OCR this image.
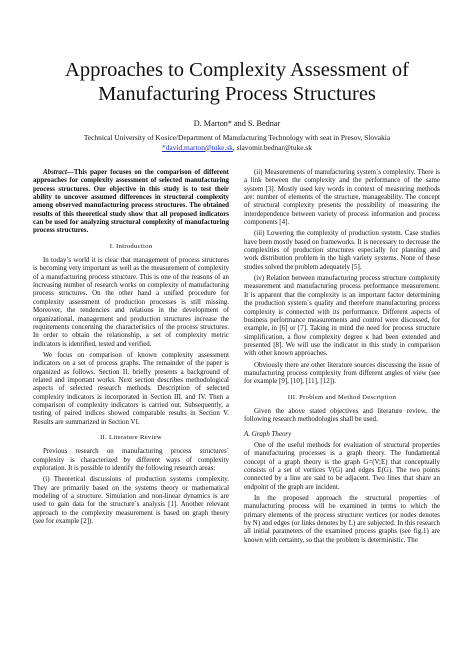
Approaches to Complexity Assessment of Manufacturing Process Structures
D. Marton* and S. Bednar
Technical University of Kosice/Department of Manufacturing Technology with seat in Presov, Slovakia
*david.marton@tuke.sk, slavomir.bednar@tuke.sk

Abstract—This paper focuses on the comparison of different approaches for complexity assessment of selected manufacturing process structures. Our objective in this study is to test their ability to uncover assumed differences in structural complexity among observed manufacturing process structures. The obtained results of this theoretical study show that all proposed indicators can be used for analyzing structural complexity of manufacturing process structures.

I. Introduction

In today’s world it is clear that management of process structures is becoming very important as well as the measurement of complexity of a manufacturing process structure. This is one of the reasons of an increasing number of research works on complexity of manufacturing process structures. On the other hand a unified procedure for complexity assessment of production processes is still missing. Moreover, the tendencies and relations in the development of organizational, management and production structures increase the requirements concerning the characteristics of the process structures. In order to obtain the relationship, a set of complexity metric indicators is identified, tested and verified.

We focus on comparison of known complexity assessment indicators on a set of process graphs. The remainder of the paper is organized as follows. Section II. briefly presents a background of related and important works. Next section describes methodological aspects of selected research methods. Description of selected complexity indicators is incorporated in Section III. and IV. Then a comparison of complexity indicators is carried out. Subsequently, a testing of paired indices showed comparable results in Section V. Results are summarized in Section VI.

II. Literature Review

Previous research on manufacturing process structures` complexity is characterized by different ways of complexity exploration. It is possible to identify the following research areas:

(i) Theoretical discussions of production systems complexity. They are primarily based on the systems theory or mathematical modeling of a structure. Simulation and non-linear dynamics is are used to gain data for the structure`s analysis [1]. Another relevant approach to the complexity measurement is based on graph theory (see for example [2]).

(ii) Measurements of manufacturing system`s complexity. There is a link between the complexity and the performance of the same system [3]. Mostly used key words in context of measuring methods are: number of elements of the structure, manageability. The concept of structural complexity presents the possibility of measuring the interdependence between variety of process information and process components [4].

(iii) Lowering the complexity of production system. Case studies have been mostly based on frameworks. It is necessary to decrease the complexities of production structures especially for planning and work distribution problem in the high variety systems. None of these studies solved the problem adequately [5].

(iv) Relation between manufacturing process structure complexity measurement and manufacturing process performance measurement. It is apparent that the complexity is an important factor determining the production system`s quality and therefore manufacturing process complexity is connected with its performance. Different aspects of business performance measurements and control were discussed, for example, in [6] or [7]. Taking in mind the need for process structure simplification, a flow complexity degree κ had been extended and presented [8]. We will use the indicator in this study in comparison with other known approaches.

Obviously there are other literature sources discussing the issue of manufacturing process complexity from different angles of view (see for example [9], [10], [11], [12]).

III. Problem and Method Description

Given the above stated objectives and literature review, the following research methodologies shall be used.

A. Graph Theory

One of the useful methods for evaluation of structural properties of manufacturing processes is a graph theory. The fundamental concept of a graph theory is the graph G=(V;E) that conceptually consists of a set of vertices V(G) and edges E(G). The two points connected by a line are said to be adjacent. Two lines that share an endpoint of the graph are incident.

In the proposed approach the structural properties of manufacturing process will be examined in terms to which the primary elements of the process structure: vertices (or nodes denotes by N) and edges (or links denotes by L) are subjected. In this research all initial parameters of the examined process graphs (see fig.1) are known with certainty, so that the problem is deterministic. The
